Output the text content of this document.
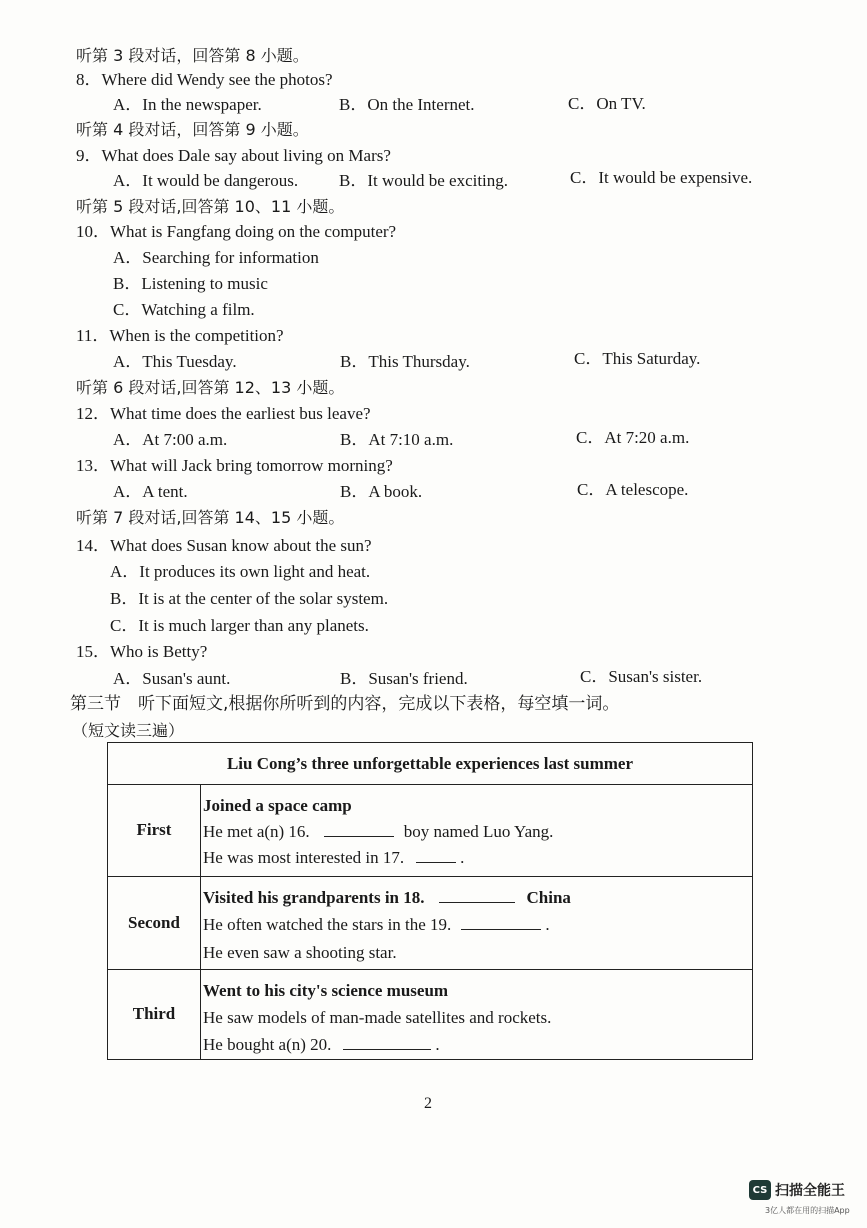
听第 3 段对话，回答第 8 小题。
8．Where did Wendy see the photos?
A．In the newspaper.	B．On the Internet.	C．On TV.
听第 4 段对话，回答第 9 小题。
9．What does Dale say about living on Mars?
A．It would be dangerous. B．It would be exciting.	C．It would be expensive.
听第 5 段对话,回答第 10、11 小题。
10．What is Fangfang doing on the computer?
A．Searching for information
B．Listening to music
C．Watching a film.
11．When is the competition?
A．This Tuesday.	B．This Thursday.	C．This Saturday.
听第 6 段对话,回答第 12、13 小题。
12．What time does the earliest bus leave?
A．At 7:00 a.m.	B．At 7:10 a.m.	C．At 7:20 a.m.
13．What will Jack bring tomorrow morning?
A．A tent.	B．A book.	C．A telescope.
听第 7 段对话,回答第 14、15 小题。
14．What does Susan know about the sun?
A．It produces its own light and heat.
B．It is at the center of the solar system.
C．It is much larger than any planets.
15．Who is Betty?
A．Susan's aunt.	B．Susan's friend.	C．Susan's sister.
第三节　听下面短文,根据你所听到的内容，完成以下表格，每空填一词。
（短文读三遍）
Liu Cong’s three unforgettable experiences last summer
First
Joined a space camp
He met a(n) 16.	boy named Luo Yang.
He was most interested in 17.	.
Second
Visited his grandparents in 18.	China
He often watched the stars in the 19.	.
He even saw a shooting star.
Third
Went to his city's science museum
He saw models of man-made satellites and rockets.
He bought a(n) 20.	.
2
CS 扫描全能王
3亿人都在用的扫描App
